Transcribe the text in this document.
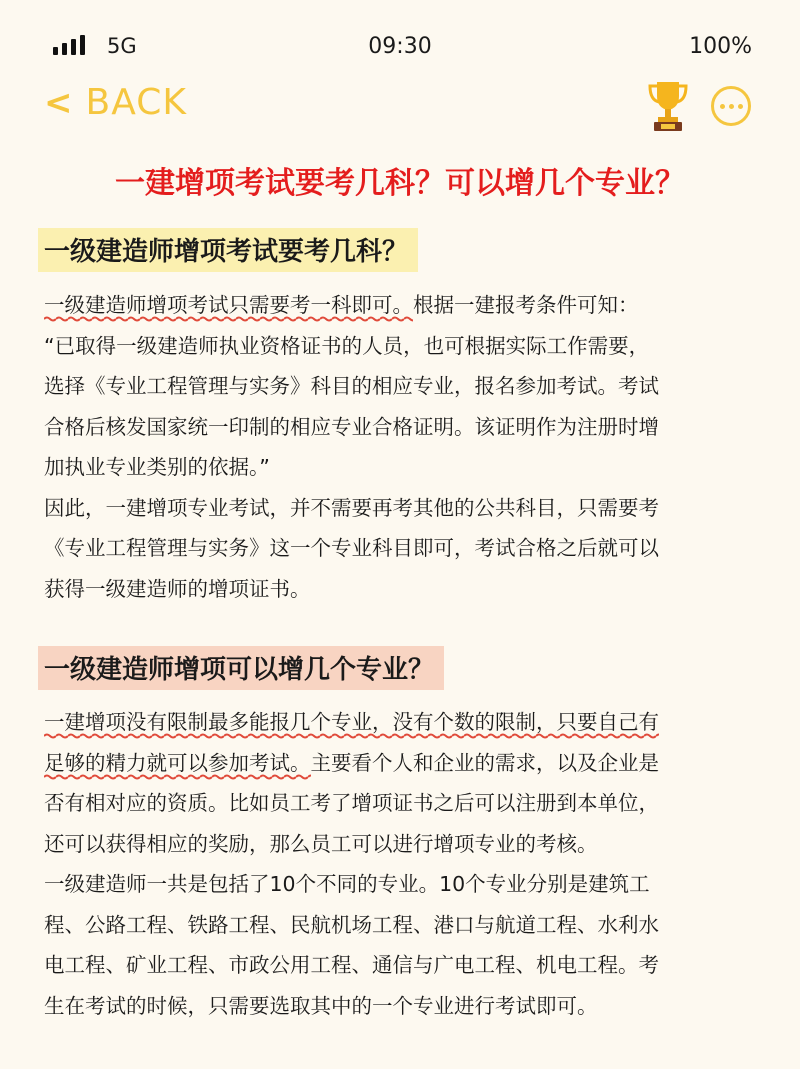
5G	09:30	100%
< BACK
一建增项考试要考几科？可以增几个专业？
一级建造师增项考试要考几科？
一级建造师增项考试只需要考一科即可。根据一建报考条件可知：
“已取得一级建造师执业资格证书的人员，也可根据实际工作需要，
选择《专业工程管理与实务》科目的相应专业，报名参加考试。考试
合格后核发国家统一印制的相应专业合格证明。该证明作为注册时增
加执业专业类别的依据。”
因此，一建增项专业考试，并不需要再考其他的公共科目，只需要考
《专业工程管理与实务》这一个专业科目即可，考试合格之后就可以
获得一级建造师的增项证书。
一级建造师增项可以增几个专业？
一建增项没有限制最多能报几个专业，没有个数的限制，只要自己有
足够的精力就可以参加考试。主要看个人和企业的需求，以及企业是
否有相对应的资质。比如员工考了增项证书之后可以注册到本单位，
还可以获得相应的奖励，那么员工可以进行增项专业的考核。
一级建造师一共是包括了10个不同的专业。10个专业分别是建筑工
程、公路工程、铁路工程、民航机场工程、港口与航道工程、水利水
电工程、矿业工程、市政公用工程、通信与广电工程、机电工程。考
生在考试的时候，只需要选取其中的一个专业进行考试即可。
